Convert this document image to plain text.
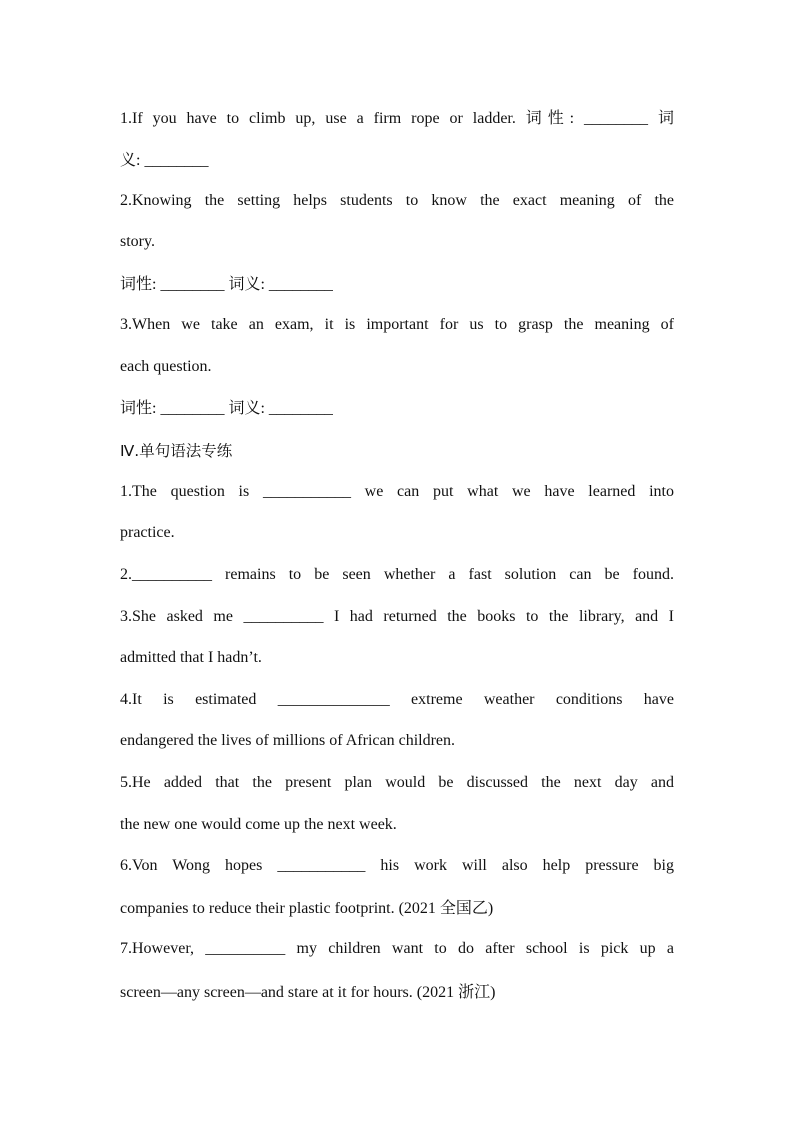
1.If you have to climb up, use a firm rope or ladder. 词性: ________ 词
义: ________
2.Knowing the setting helps students to know the exact meaning of the
story.
词性: ________ 词义: ________
3.When we take an exam, it is important for us to grasp the meaning of
each question.
词性: ________ 词义: ________
Ⅳ.单句语法专练
1.The question is ___________ we can put what we have learned into
practice.
2.__________ remains to be seen whether a fast solution can be found.
3.She asked me __________ I had returned the books to the library, and I
admitted that I hadn’t.
4.It is estimated ______________ extreme weather conditions have
endangered the lives of millions of African children.
5.He added that the present plan would be discussed the next day and
the new one would come up the next week.
6.Von Wong hopes ___________ his work will also help pressure big
companies to reduce their plastic footprint. (2021 全国乙)
7.However, __________ my children want to do after school is pick up a
screen—any screen—and stare at it for hours. (2021 浙江)
